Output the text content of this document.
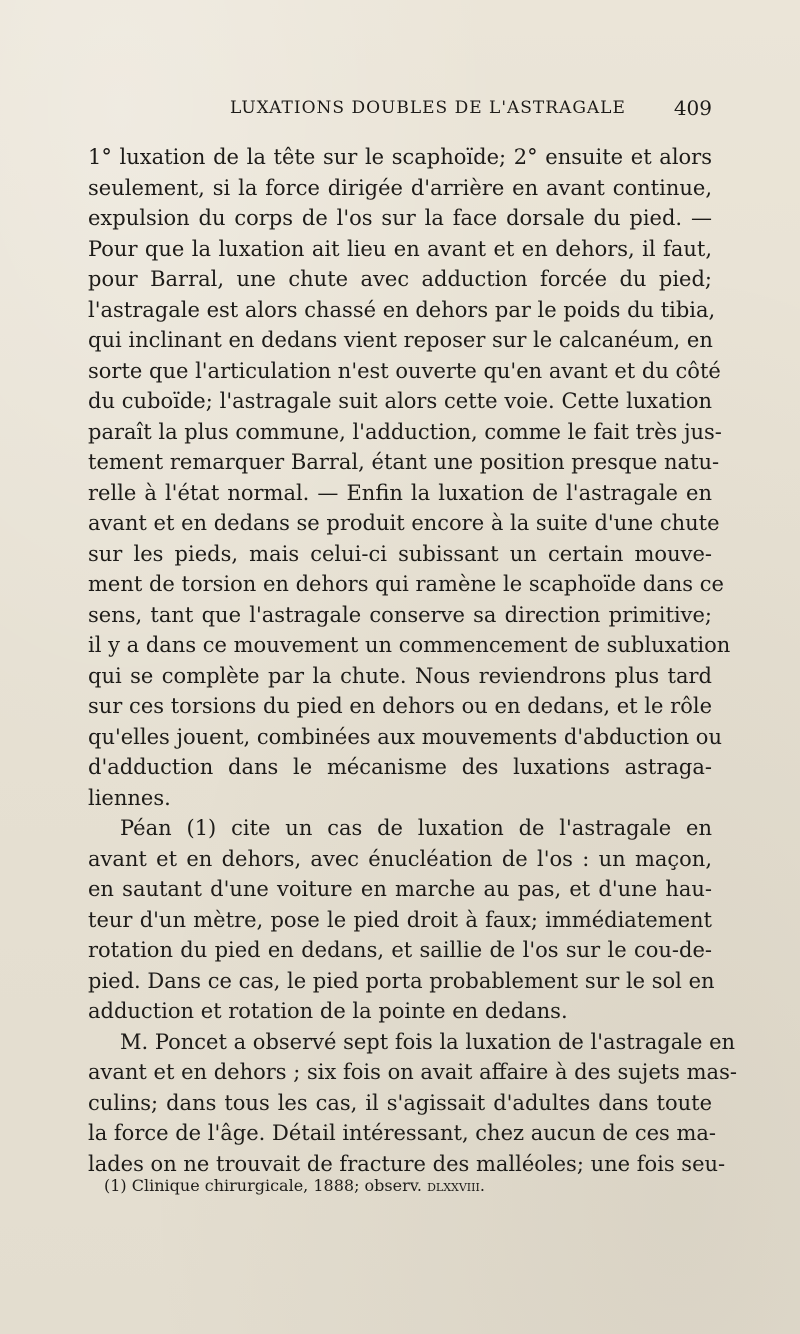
LUXATIONS DOUBLES DE L'ASTRAGALE 409
1° luxation de la tête sur le scaphoïde; 2° ensuite et alors
seulement, si la force dirigée d'arrière en avant continue,
expulsion du corps de l'os sur la face dorsale du pied. —
Pour que la luxation ait lieu en avant et en dehors, il faut,
pour Barral, une chute avec adduction forcée du pied;
l'astragale est alors chassé en dehors par le poids du tibia,
qui inclinant en dedans vient reposer sur le calcanéum, en
sorte que l'articulation n'est ouverte qu'en avant et du côté
du cuboïde; l'astragale suit alors cette voie. Cette luxation
paraît la plus commune, l'adduction, comme le fait très jus-
tement remarquer Barral, étant une position presque natu-
relle à l'état normal. — Enfin la luxation de l'astragale en
avant et en dedans se produit encore à la suite d'une chute
sur les pieds, mais celui-ci subissant un certain mouve-
ment de torsion en dehors qui ramène le scaphoïde dans ce
sens, tant que l'astragale conserve sa direction primitive;
il y a dans ce mouvement un commencement de subluxation
qui se complète par la chute. Nous reviendrons plus tard
sur ces torsions du pied en dehors ou en dedans, et le rôle
qu'elles jouent, combinées aux mouvements d'abduction ou
d'adduction dans le mécanisme des luxations astraga-
liennes.
Péan (1) cite un cas de luxation de l'astragale en
avant et en dehors, avec énucléation de l'os : un maçon,
en sautant d'une voiture en marche au pas, et d'une hau-
teur d'un mètre, pose le pied droit à faux; immédiatement
rotation du pied en dedans, et saillie de l'os sur le cou-de-
pied. Dans ce cas, le pied porta probablement sur le sol en
adduction et rotation de la pointe en dedans.
M. Poncet a observé sept fois la luxation de l'astragale en
avant et en dehors ; six fois on avait affaire à des sujets mas-
culins; dans tous les cas, il s'agissait d'adultes dans toute
la force de l'âge. Détail intéressant, chez aucun de ces ma-
lades on ne trouvait de fracture des malléoles; une fois seu-
(1) Clinique chirurgicale, 1888; observ. dlxxviii.
